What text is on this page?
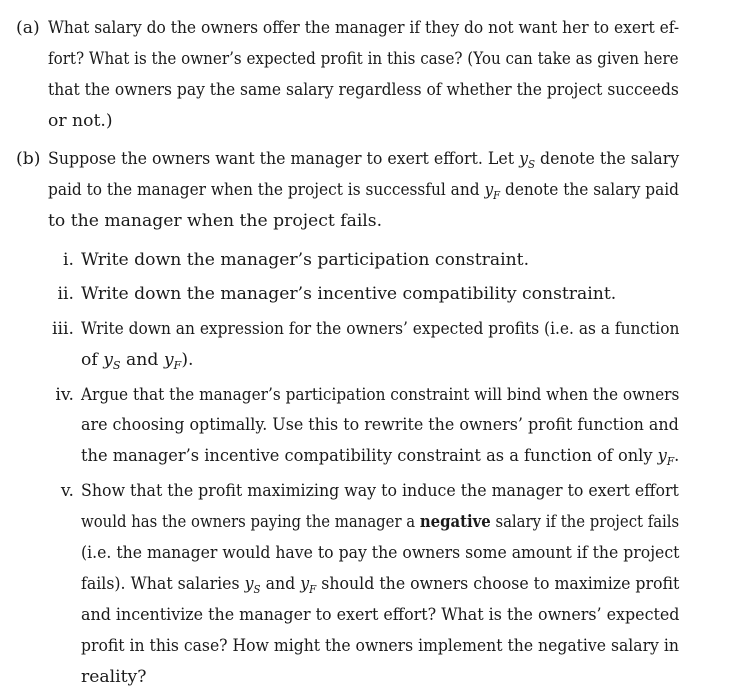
(a) What salary do the owners offer the manager if they do not want her to exert ef-
fort? What is the owner’s expected profit in this case? (You can take as given here
that the owners pay the same salary regardless of whether the project succeeds
or not.)
(b) Suppose the owners want the manager to exert effort. Let $y_S$ denote the salary
paid to the manager when the project is successful and $y_F$ denote the salary paid
to the manager when the project fails.
i. Write down the manager’s participation constraint.
ii. Write down the manager’s incentive compatibility constraint.
iii. Write down an expression for the owners’ expected profits (i.e. as a function
of $y_S$ and $y_F$).
iv. Argue that the manager’s participation constraint will bind when the owners
are choosing optimally. Use this to rewrite the owners’ profit function and
the manager’s incentive compatibility constraint as a function of only $y_F$.
v. Show that the profit maximizing way to induce the manager to exert effort
would has the owners paying the manager a negative salary if the project fails
(i.e. the manager would have to pay the owners some amount if the project
fails). What salaries $y_S$ and $y_F$ should the owners choose to maximize profit
and incentivize the manager to exert effort? What is the owners’ expected
profit in this case? How might the owners implement the negative salary in
reality?
